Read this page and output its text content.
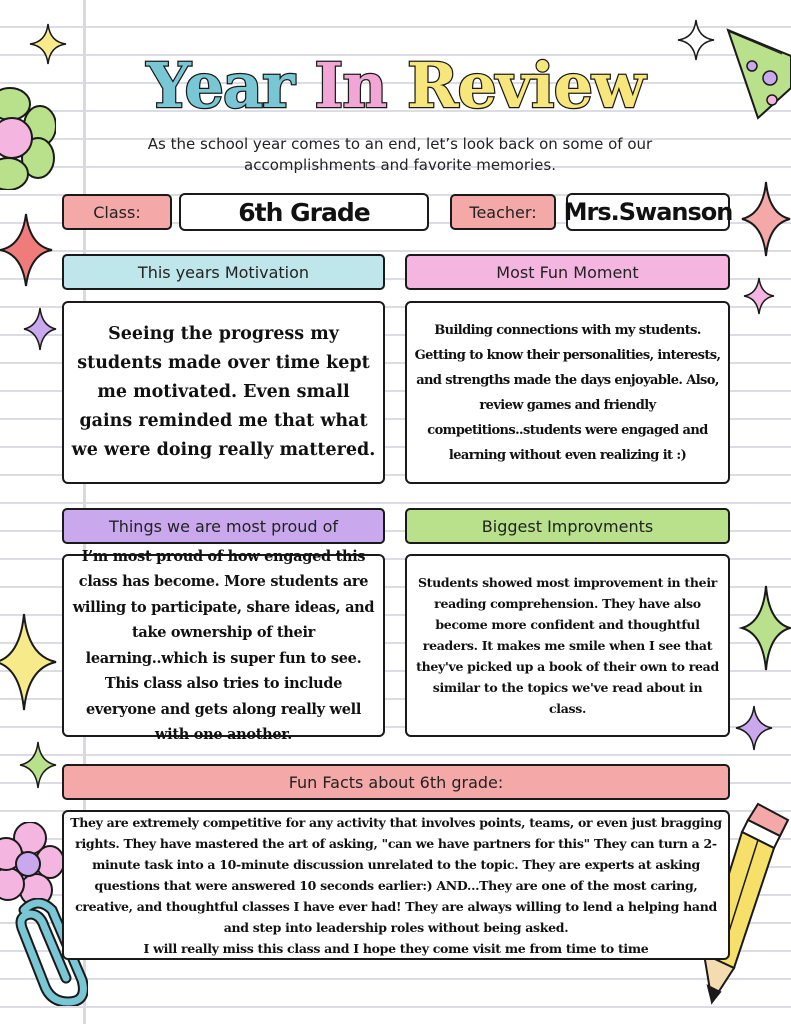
Year In Review
As the school year comes to an end, let’s look back on some of our accomplishments and favorite memories.
Class:	6th Grade	Teacher:	Mrs.Swanson
This years Motivation
Seeing the progress my students made over time kept me motivated. Even small gains reminded me that what we were doing really mattered.
Most Fun Moment
Building connections with my students. Getting to know their personalities, interests, and strengths made the days enjoyable. Also, review games and friendly competitions..students were engaged and learning without even realizing it :)
Things we are most proud of
I’m most proud of how engaged this class has become. More students are willing to participate, share ideas, and take ownership of their learning..which is super fun to see. This class also tries to include everyone and gets along really well with one another.
Biggest Improvments
Students showed most improvement in their reading comprehension. They have also become more confident and thoughtful readers. It makes me smile when I see that they've picked up a book of their own to read similar to the topics we've read about in class.
Fun Facts about 6th grade:
They are extremely competitive for any activity that involves points, teams, or even just bragging rights. They have mastered the art of asking, "can we have partners for this" They can turn a 2-minute task into a 10-minute discussion unrelated to the topic. They are experts at asking questions that were answered 10 seconds earlier:) AND...They are one of the most caring, creative, and thoughtful classes I have ever had! They are always willing to lend a helping hand and step into leadership roles without being asked.
I will really miss this class and I hope they come visit me from time to time
